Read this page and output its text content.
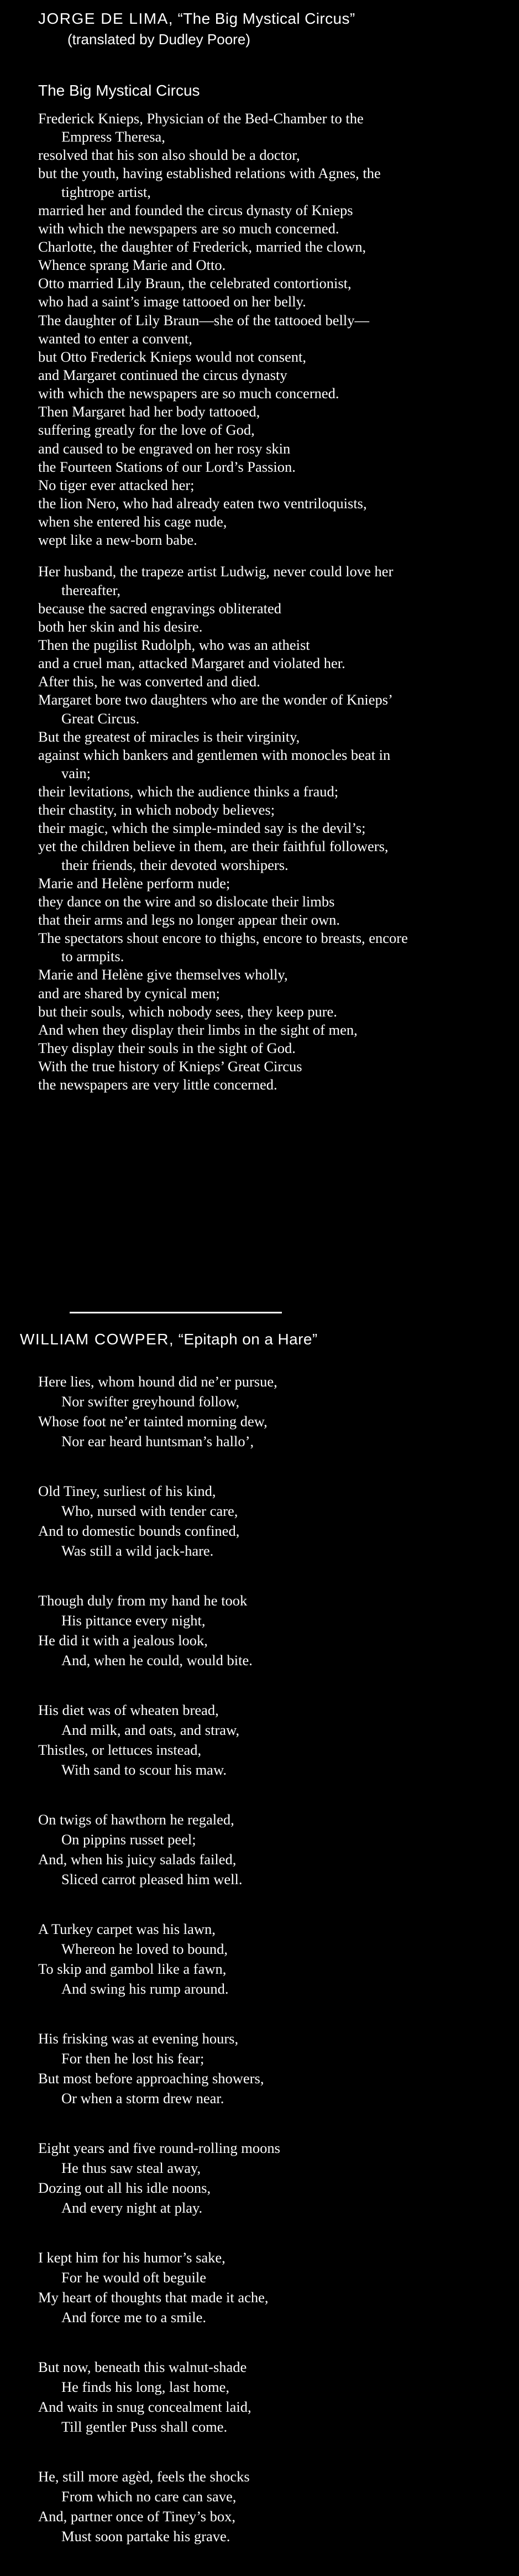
JORGE DE LIMA, “The Big Mystical Circus”
(translated by Dudley Poore)
The Big Mystical Circus
Frederick Knieps, Physician of the Bed-Chamber to the
Empress Theresa,
resolved that his son also should be a doctor,
but the youth, having established relations with Agnes, the
tightrope artist,
married her and founded the circus dynasty of Knieps
with which the newspapers are so much concerned.
Charlotte, the daughter of Frederick, married the clown,
Whence sprang Marie and Otto.
Otto married Lily Braun, the celebrated contortionist,
who had a saint’s image tattooed on her belly.
The daughter of Lily Braun—she of the tattooed belly—
wanted to enter a convent,
but Otto Frederick Knieps would not consent,
and Margaret continued the circus dynasty
with which the newspapers are so much concerned.
Then Margaret had her body tattooed,
suffering greatly for the love of God,
and caused to be engraved on her rosy skin
the Fourteen Stations of our Lord’s Passion.
No tiger ever attacked her;
the lion Nero, who had already eaten two ventriloquists,
when she entered his cage nude,
wept like a new-born babe.
Her husband, the trapeze artist Ludwig, never could love her
thereafter,
because the sacred engravings obliterated
both her skin and his desire.
Then the pugilist Rudolph, who was an atheist
and a cruel man, attacked Margaret and violated her.
After this, he was converted and died.
Margaret bore two daughters who are the wonder of Knieps’
Great Circus.
But the greatest of miracles is their virginity,
against which bankers and gentlemen with monocles beat in
vain;
their levitations, which the audience thinks a fraud;
their chastity, in which nobody believes;
their magic, which the simple-minded say is the devil’s;
yet the children believe in them, are their faithful followers,
their friends, their devoted worshipers.
Marie and Helène perform nude;
they dance on the wire and so dislocate their limbs
that their arms and legs no longer appear their own.
The spectators shout encore to thighs, encore to breasts, encore
to armpits.
Marie and Helène give themselves wholly,
and are shared by cynical men;
but their souls, which nobody sees, they keep pure.
And when they display their limbs in the sight of men,
They display their souls in the sight of God.
With the true history of Knieps’ Great Circus
the newspapers are very little concerned.
WILLIAM COWPER, “Epitaph on a Hare”
Here lies, whom hound did ne’er pursue,
Nor swifter greyhound follow,
Whose foot ne’er tainted morning dew,
Nor ear heard huntsman’s hallo’,
Old Tiney, surliest of his kind,
Who, nursed with tender care,
And to domestic bounds confined,
Was still a wild jack-hare.
Though duly from my hand he took
His pittance every night,
He did it with a jealous look,
And, when he could, would bite.
His diet was of wheaten bread,
And milk, and oats, and straw,
Thistles, or lettuces instead,
With sand to scour his maw.
On twigs of hawthorn he regaled,
On pippins russet peel;
And, when his juicy salads failed,
Sliced carrot pleased him well.
A Turkey carpet was his lawn,
Whereon he loved to bound,
To skip and gambol like a fawn,
And swing his rump around.
His frisking was at evening hours,
For then he lost his fear;
But most before approaching showers,
Or when a storm drew near.
Eight years and five round-rolling moons
He thus saw steal away,
Dozing out all his idle noons,
And every night at play.
I kept him for his humor’s sake,
For he would oft beguile
My heart of thoughts that made it ache,
And force me to a smile.
But now, beneath this walnut-shade
He finds his long, last home,
And waits in snug concealment laid,
Till gentler Puss shall come.
He, still more agèd, feels the shocks
From which no care can save,
And, partner once of Tiney’s box,
Must soon partake his grave.
